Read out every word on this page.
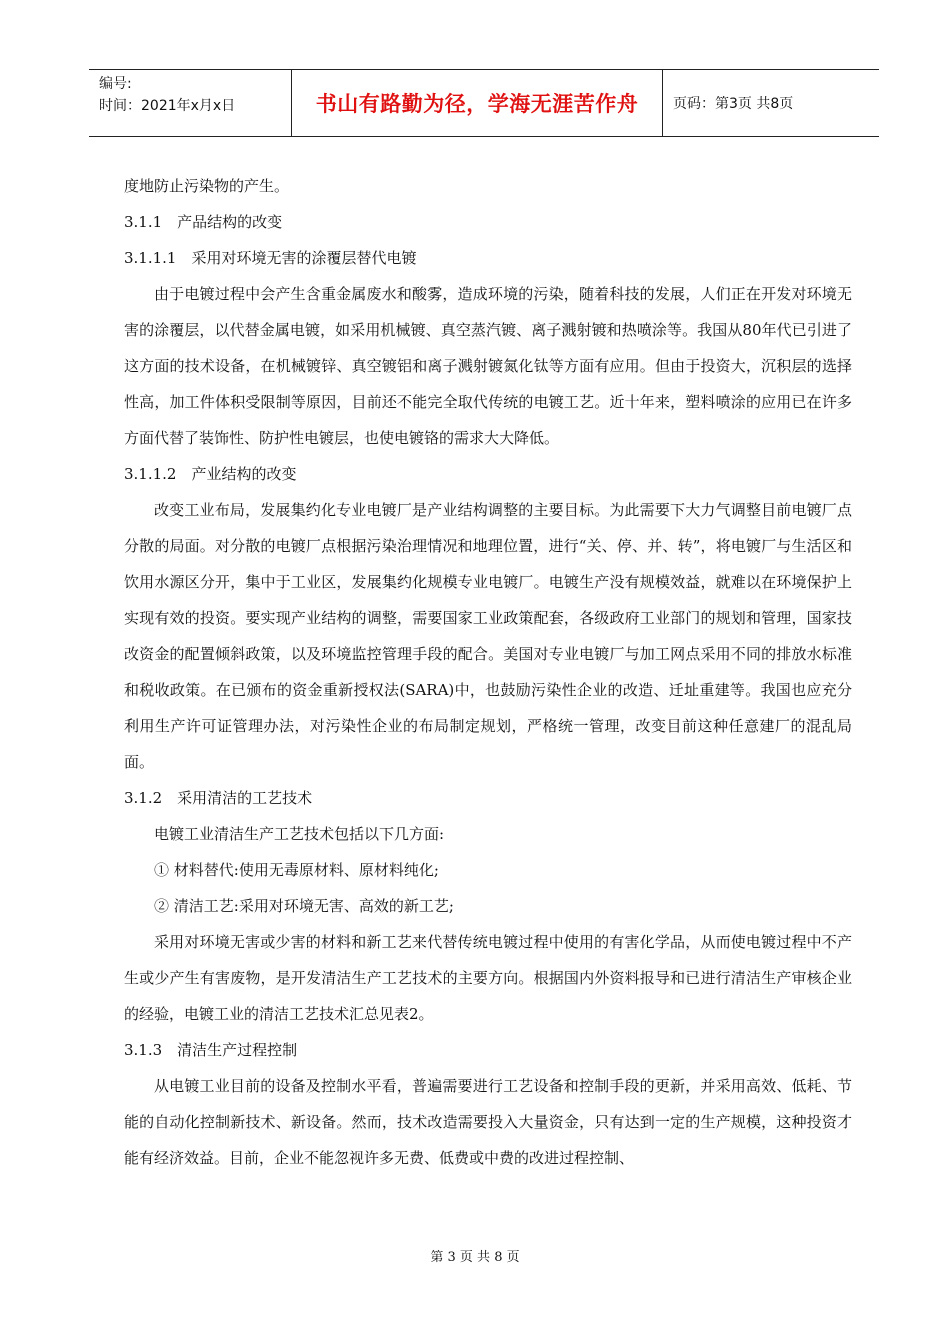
编号:
时间：2021年x月x日	书山有路勤为径，学海无涯苦作舟	页码：第3页 共8页

度地防止污染物的产生。

3.1.1　产品结构的改变

3.1.1.1　采用对环境无害的涂覆层替代电镀

由于电镀过程中会产生含重金属废水和酸雾，造成环境的污染，随着科技的发展，人们正在开发对环境无害的涂覆层，以代替金属电镀，如采用机械镀、真空蒸汽镀、离子溅射镀和热喷涂等。我国从80年代已引进了这方面的技术设备，在机械镀锌、真空镀铝和离子溅射镀氮化钛等方面有应用。但由于投资大，沉积层的选择性高，加工件体积受限制等原因，目前还不能完全取代传统的电镀工艺。近十年来，塑料喷涂的应用已在许多方面代替了装饰性、防护性电镀层，也使电镀铬的需求大大降低。

3.1.1.2　产业结构的改变

改变工业布局，发展集约化专业电镀厂是产业结构调整的主要目标。为此需要下大力气调整目前电镀厂点分散的局面。对分散的电镀厂点根据污染治理情况和地理位置，进行“关、停、并、转”，将电镀厂与生活区和饮用水源区分开，集中于工业区，发展集约化规模专业电镀厂。电镀生产没有规模效益，就难以在环境保护上实现有效的投资。要实现产业结构的调整，需要国家工业政策配套，各级政府工业部门的规划和管理，国家技改资金的配置倾斜政策，以及环境监控管理手段的配合。美国对专业电镀厂与加工网点采用不同的排放水标准和税收政策。在已颁布的资金重新授权法(SARA)中，也鼓励污染性企业的改造、迁址重建等。我国也应充分利用生产许可证管理办法，对污染性企业的布局制定规划，严格统一管理，改变目前这种任意建厂的混乱局面。

3.1.2　采用清洁的工艺技术

电镀工业清洁生产工艺技术包括以下几方面:

① 材料替代:使用无毒原材料、原材料纯化;

② 清洁工艺:采用对环境无害、高效的新工艺;

采用对环境无害或少害的材料和新工艺来代替传统电镀过程中使用的有害化学品，从而使电镀过程中不产生或少产生有害废物，是开发清洁生产工艺技术的主要方向。根据国内外资料报导和已进行清洁生产审核企业的经验，电镀工业的清洁工艺技术汇总见表2。

3.1.3　清洁生产过程控制

从电镀工业目前的设备及控制水平看，普遍需要进行工艺设备和控制手段的更新，并采用高效、低耗、节能的自动化控制新技术、新设备。然而，技术改造需要投入大量资金，只有达到一定的生产规模，这种投资才能有经济效益。目前，企业不能忽视许多无费、低费或中费的改进过程控制、

第 3 页 共 8 页
